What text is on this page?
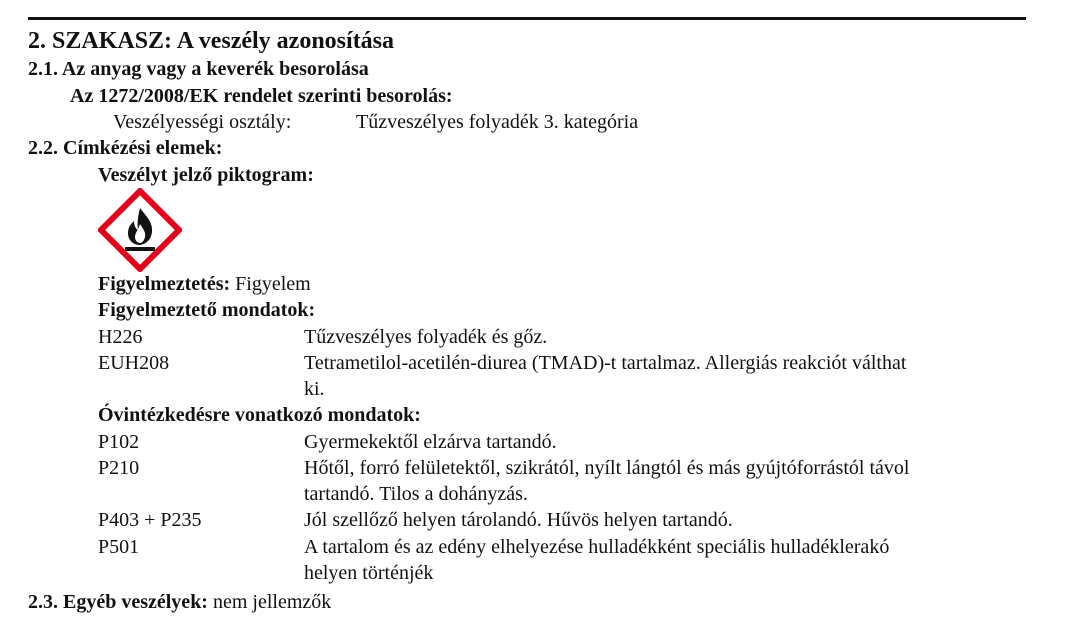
2. SZAKASZ: A veszély azonosítása
2.1. Az anyag vagy a keverék besorolása
Az 1272/2008/EK rendelet szerinti besorolás:
Veszélyességi osztály:	Tűzveszélyes folyadék 3. kategória
2.2. Címkézési elemek:
Veszélyt jelző piktogram:
Figyelmeztetés: Figyelem
Figyelmeztető mondatok:
H226	Tűzveszélyes folyadék és gőz.
EUH208	Tetrametilol-acetilén-diurea (TMAD)-t tartalmaz. Allergiás reakciót válthat
ki.
Óvintézkedésre vonatkozó mondatok:
P102	Gyermekektől elzárva tartandó.
P210	Hőtől, forró felületektől, szikrától, nyílt lángtól és más gyújtóforrástól távol
tartandó. Tilos a dohányzás.
P403 + P235	Jól szellőző helyen tárolandó. Hűvös helyen tartandó.
P501	A tartalom és az edény elhelyezése hulladékként speciális hulladéklerakó
helyen történjék
2.3. Egyéb veszélyek: nem jellemzők
